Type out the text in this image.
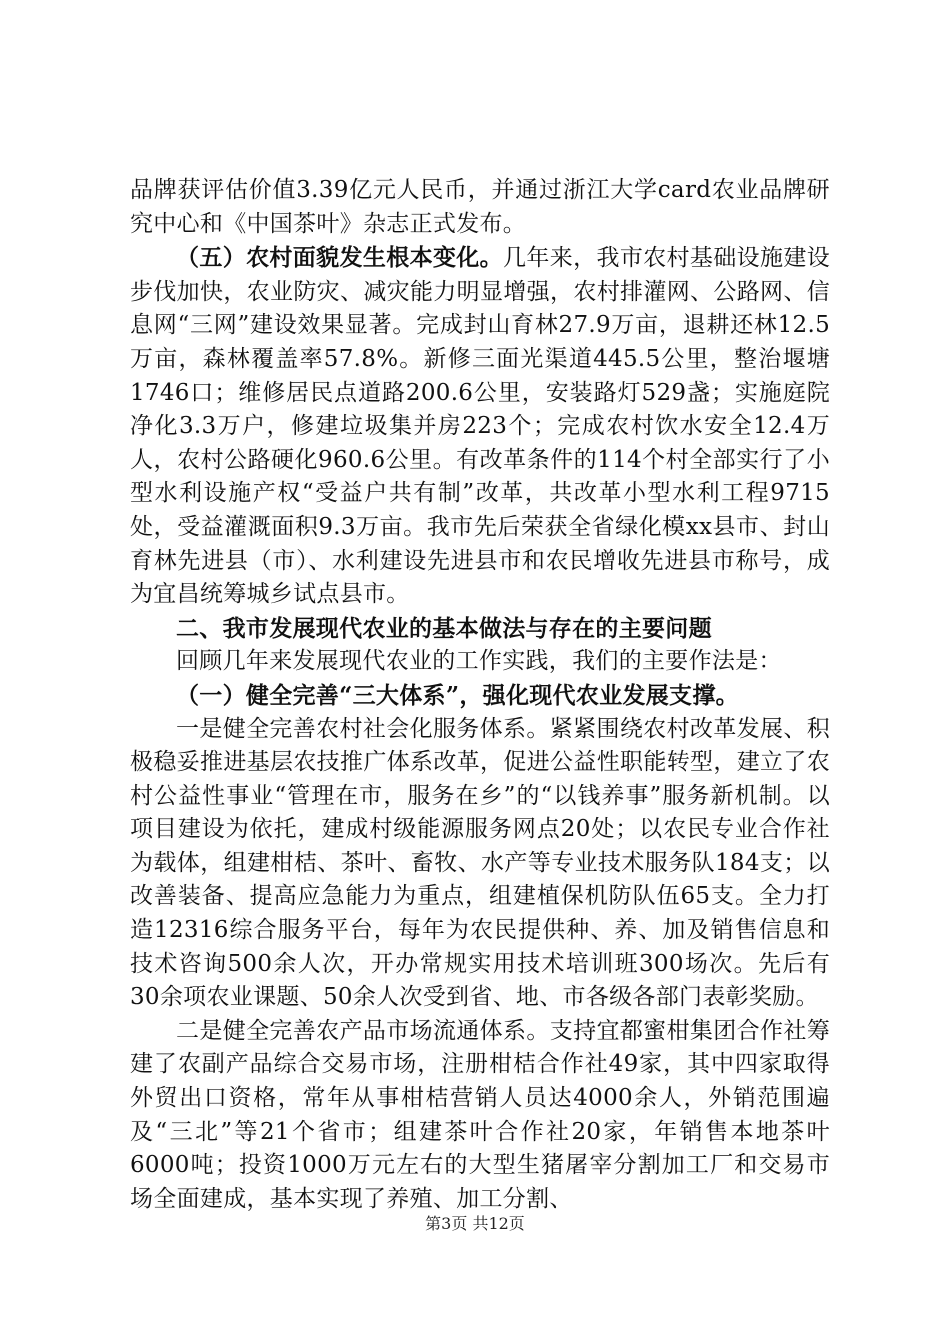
品牌获评估价值3.39亿元人民币，并通过浙江大学card农业品牌研究中心和《中国茶叶》杂志正式发布。

（五）农村面貌发生根本变化。几年来，我市农村基础设施建设步伐加快，农业防灾、减灾能力明显增强，农村排灌网、公路网、信息网“三网”建设效果显著。完成封山育林27.9万亩，退耕还林12.5万亩，森林覆盖率57.8%。新修三面光渠道445.5公里，整治堰塘1746口；维修居民点道路200.6公里，安装路灯529盏；实施庭院净化3.3万户，修建垃圾集并房223个；完成农村饮水安全12.4万人，农村公路硬化960.6公里。有改革条件的114个村全部实行了小型水利设施产权“受益户共有制”改革，共改革小型水利工程9715处，受益灌溉面积9.3万亩。我市先后荣获全省绿化模xx县市、封山育林先进县（市）、水利建设先进县市和农民增收先进县市称号，成为宜昌统筹城乡试点县市。

二、我市发展现代农业的基本做法与存在的主要问题

回顾几年来发展现代农业的工作实践，我们的主要作法是：

（一）健全完善“三大体系”，强化现代农业发展支撑。

一是健全完善农村社会化服务体系。紧紧围绕农村改革发展、积极稳妥推进基层农技推广体系改革，促进公益性职能转型，建立了农村公益性事业“管理在市，服务在乡”的“以钱养事”服务新机制。以项目建设为依托，建成村级能源服务网点20处；以农民专业合作社为载体，组建柑桔、茶叶、畜牧、水产等专业技术服务队184支；以改善装备、提高应急能力为重点，组建植保机防队伍65支。全力打造12316综合服务平台，每年为农民提供种、养、加及销售信息和技术咨询500余人次，开办常规实用技术培训班300场次。先后有30余项农业课题、50余人次受到省、地、市各级各部门表彰奖励。

二是健全完善农产品市场流通体系。支持宜都蜜柑集团合作社筹建了农副产品综合交易市场，注册柑桔合作社49家，其中四家取得外贸出口资格，常年从事柑桔营销人员达4000余人，外销范围遍及“三北”等21个省市；组建茶叶合作社20家，年销售本地茶叶6000吨；投资1000万元左右的大型生猪屠宰分割加工厂和交易市场全面建成，基本实现了养殖、加工分割、

第3页 共12页
